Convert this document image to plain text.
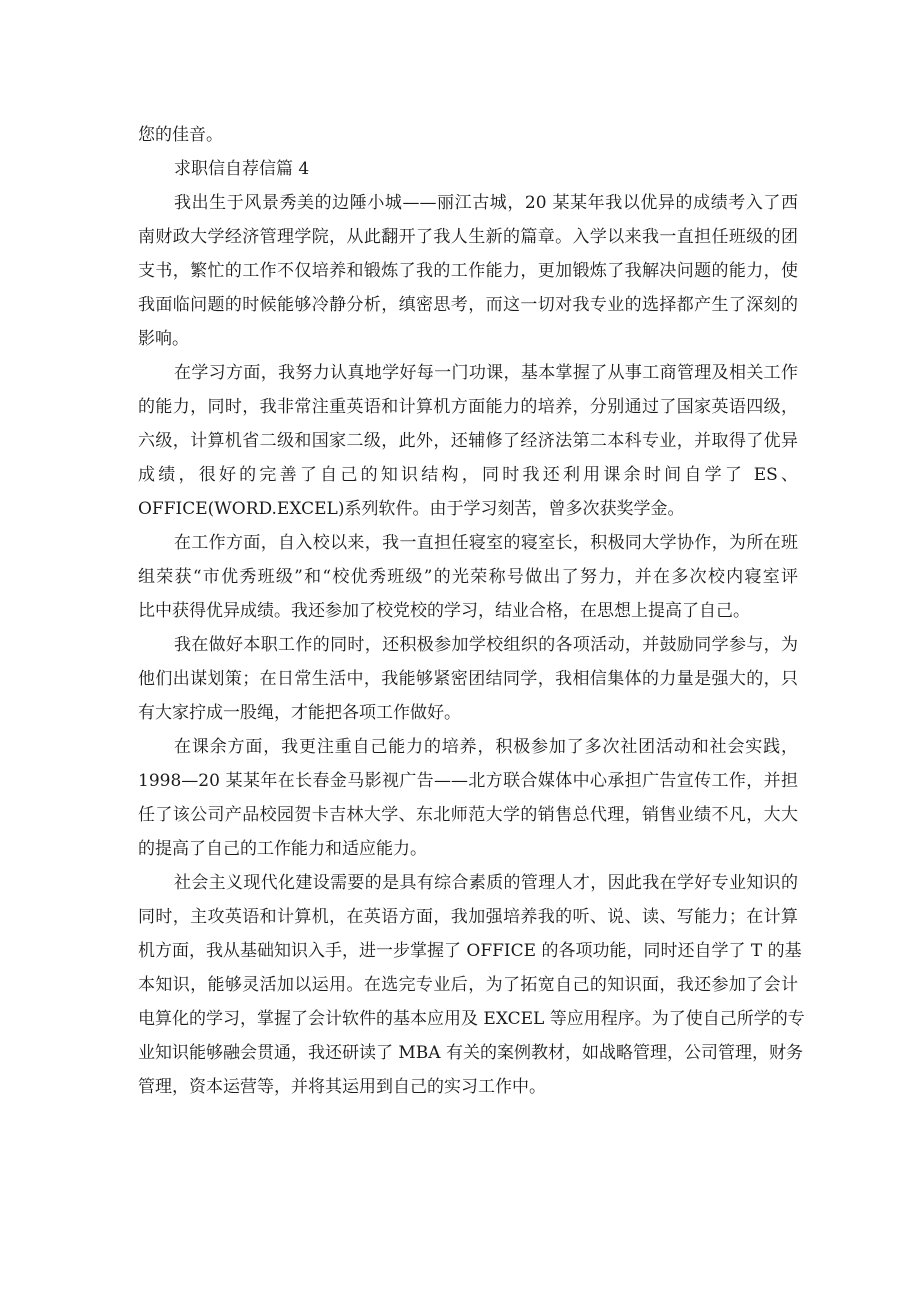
您的佳音。
求职信自荐信篇 4
我出生于风景秀美的边陲小城——丽江古城，20 某某年我以优异的成绩考入了西
南财政大学经济管理学院，从此翻开了我人生新的篇章。入学以来我一直担任班级的团
支书，繁忙的工作不仅培养和锻炼了我的工作能力，更加锻炼了我解决问题的能力，使
我面临问题的时候能够冷静分析，缜密思考，而这一切对我专业的选择都产生了深刻的
影响。
在学习方面，我努力认真地学好每一门功课，基本掌握了从事工商管理及相关工作
的能力，同时，我非常注重英语和计算机方面能力的培养，分别通过了国家英语四级，
六级，计算机省二级和国家二级，此外，还辅修了经济法第二本科专业，并取得了优异
成绩，很好的完善了自己的知识结构，同时我还利用课余时间自学了 ES、
OFFICE(WORD.EXCEL)系列软件。由于学习刻苦，曾多次获奖学金。
在工作方面，自入校以来，我一直担任寝室的寝室长，积极同大学协作，为所在班
组荣获“市优秀班级”和“校优秀班级”的光荣称号做出了努力，并在多次校内寝室评
比中获得优异成绩。我还参加了校党校的学习，结业合格，在思想上提高了自己。
我在做好本职工作的同时，还积极参加学校组织的各项活动，并鼓励同学参与，为
他们出谋划策；在日常生活中，我能够紧密团结同学，我相信集体的力量是强大的，只
有大家拧成一股绳，才能把各项工作做好。
在课余方面，我更注重自己能力的培养，积极参加了多次社团活动和社会实践，
1998—20 某某年在长春金马影视广告——北方联合媒体中心承担广告宣传工作，并担
任了该公司产品校园贺卡吉林大学、东北师范大学的销售总代理，销售业绩不凡，大大
的提高了自己的工作能力和适应能力。
社会主义现代化建设需要的是具有综合素质的管理人才，因此我在学好专业知识的
同时，主攻英语和计算机，在英语方面，我加强培养我的听、说、读、写能力；在计算
机方面，我从基础知识入手，进一步掌握了 OFFICE 的各项功能，同时还自学了 T 的基
本知识，能够灵活加以运用。在选完专业后，为了拓宽自己的知识面，我还参加了会计
电算化的学习，掌握了会计软件的基本应用及 EXCEL 等应用程序。为了使自己所学的专
业知识能够融会贯通，我还研读了 MBA 有关的案例教材，如战略管理，公司管理，财务
管理，资本运营等，并将其运用到自己的实习工作中。
